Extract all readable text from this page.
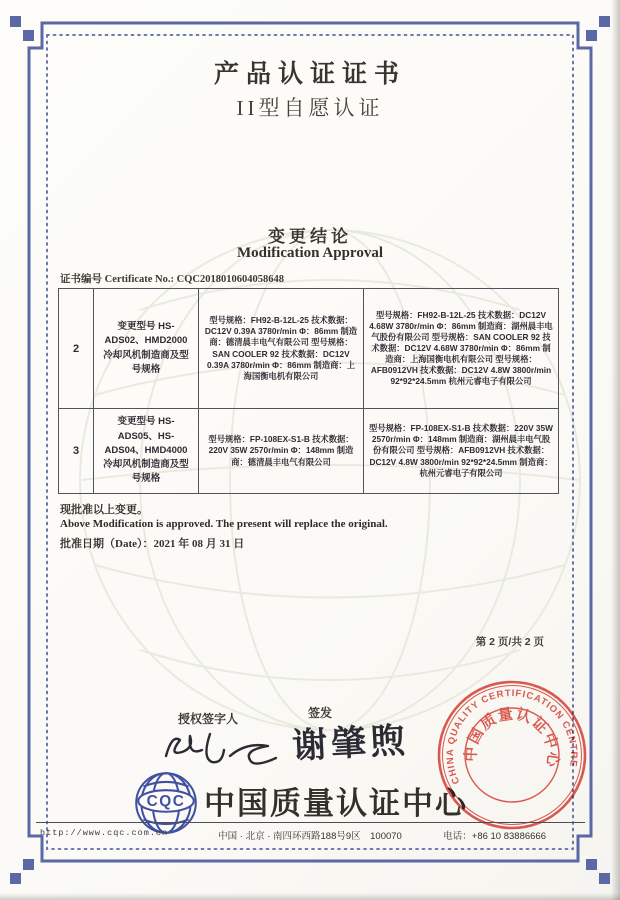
产品认证证书
II型自愿认证
变更结论
Modification Approval
证书编号 Certificate No.: CQC2018010604058648
2	变更型号 HS-ADS02、HMD2000 冷却风机制造商及型号规格	型号规格：FH92-B-12L-25 技术数据：DC12V 0.39A 3780r/min Φ：86mm 制造商：德清晨丰电气有限公司 型号规格：SAN COOLER 92 技术数据：DC12V 0.39A 3780r/min Φ：86mm 制造商：上海国衡电机有限公司	型号规格：FH92-B-12L-25 技术数据：DC12V 4.68W 3780r/min Φ：86mm 制造商：湖州晨丰电气股份有限公司 型号规格：SAN COOLER 92 技术数据：DC12V 4.68W 3780r/min Φ：86mm 制造商：上海国衡电机有限公司 型号规格：AFB0912VH 技术数据：DC12V 4.8W 3800r/min 92*92*24.5mm 杭州元睿电子有限公司
3	变更型号 HS-ADS05、HS-ADS04、HMD4000 冷却风机制造商及型号规格	型号规格：FP-108EX-S1-B 技术数据：220V 35W 2570r/min Φ：148mm 制造商：德清晨丰电气有限公司	型号规格：FP-108EX-S1-B 技术数据：220V 35W 2570r/min Φ：148mm 制造商：湖州晨丰电气股份有限公司 型号规格：AFB0912VH 技术数据：DC12V 4.8W 3800r/min 92*92*24.5mm 制造商：杭州元睿电子有限公司
现批准以上变更。
Above Modification is approved. The present will replace the original.
批准日期（Date）：2021 年 08 月 31 日
第 2 页/共 2 页
授权签字人	签发
谢肇煦
CQC 中国质量认证中心
CHINA QUALITY CERTIFICATION CENTRE
中国质量认证中心
http://www.cqc.com.cn	中国 · 北京 · 南四环西路188号9区　100070	电话：+86 10 83886666
